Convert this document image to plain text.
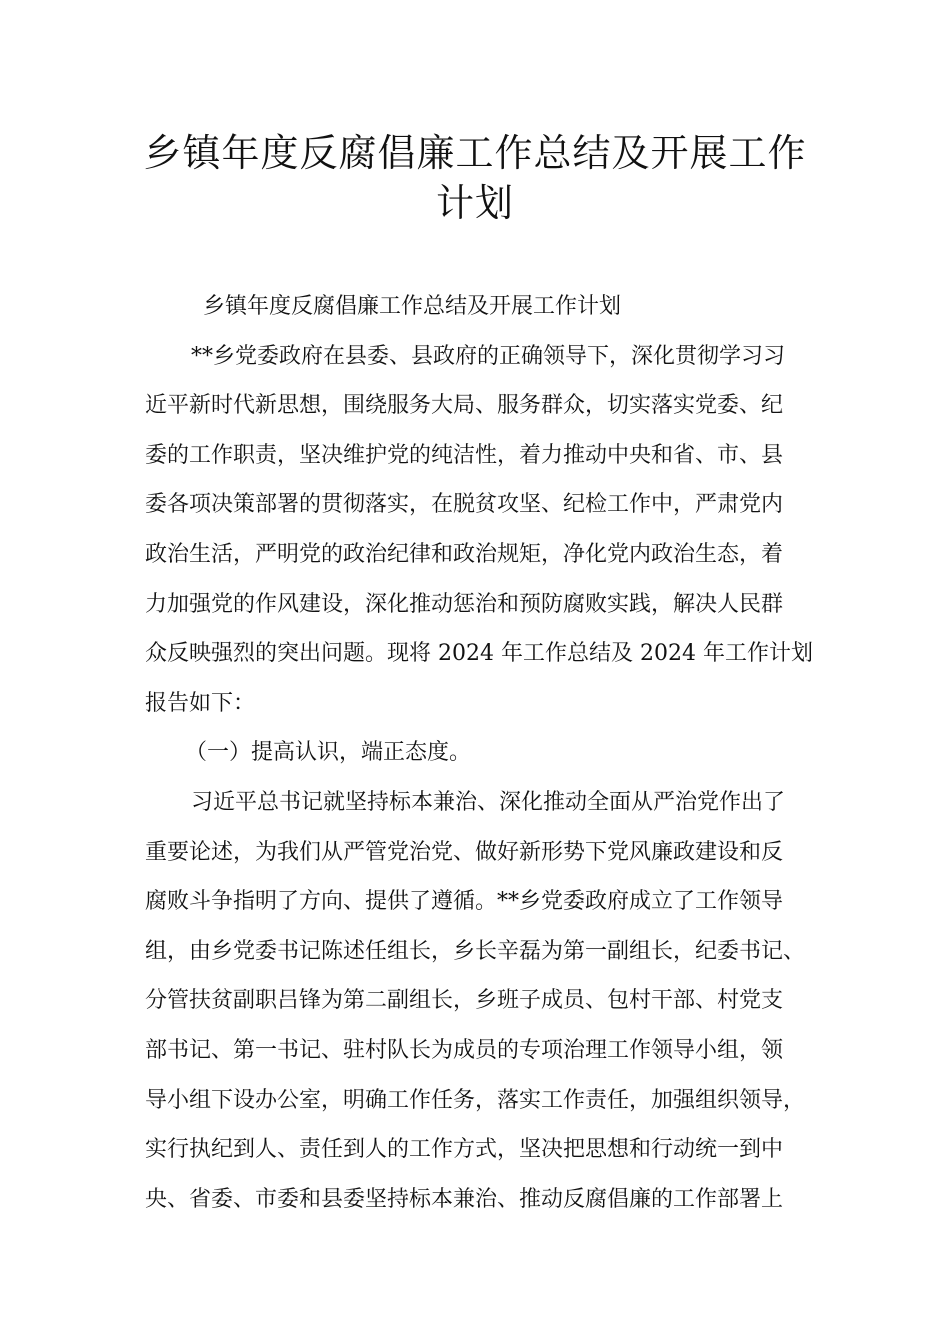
乡镇年度反腐倡廉工作总结及开展工作
计划
乡镇年度反腐倡廉工作总结及开展工作计划
**乡党委政府在县委、县政府的正确领导下，深化贯彻学习习
近平新时代新思想，围绕服务大局、服务群众，切实落实党委、纪
委的工作职责，坚决维护党的纯洁性，着力推动中央和省、市、县
委各项决策部署的贯彻落实，在脱贫攻坚、纪检工作中，严肃党内
政治生活，严明党的政治纪律和政治规矩，净化党内政治生态，着
力加强党的作风建设，深化推动惩治和预防腐败实践，解决人民群
众反映强烈的突出问题。现将 2024 年工作总结及 2024 年工作计划
报告如下：
（一）提高认识，端正态度。
习近平总书记就坚持标本兼治、深化推动全面从严治党作出了
重要论述，为我们从严管党治党、做好新形势下党风廉政建设和反
腐败斗争指明了方向、提供了遵循。**乡党委政府成立了工作领导
组，由乡党委书记陈述任组长，乡长辛磊为第一副组长，纪委书记、
分管扶贫副职吕锋为第二副组长，乡班子成员、包村干部、村党支
部书记、第一书记、驻村队长为成员的专项治理工作领导小组，领
导小组下设办公室，明确工作任务，落实工作责任，加强组织领导，
实行执纪到人、责任到人的工作方式，坚决把思想和行动统一到中
央、省委、市委和县委坚持标本兼治、推动反腐倡廉的工作部署上
